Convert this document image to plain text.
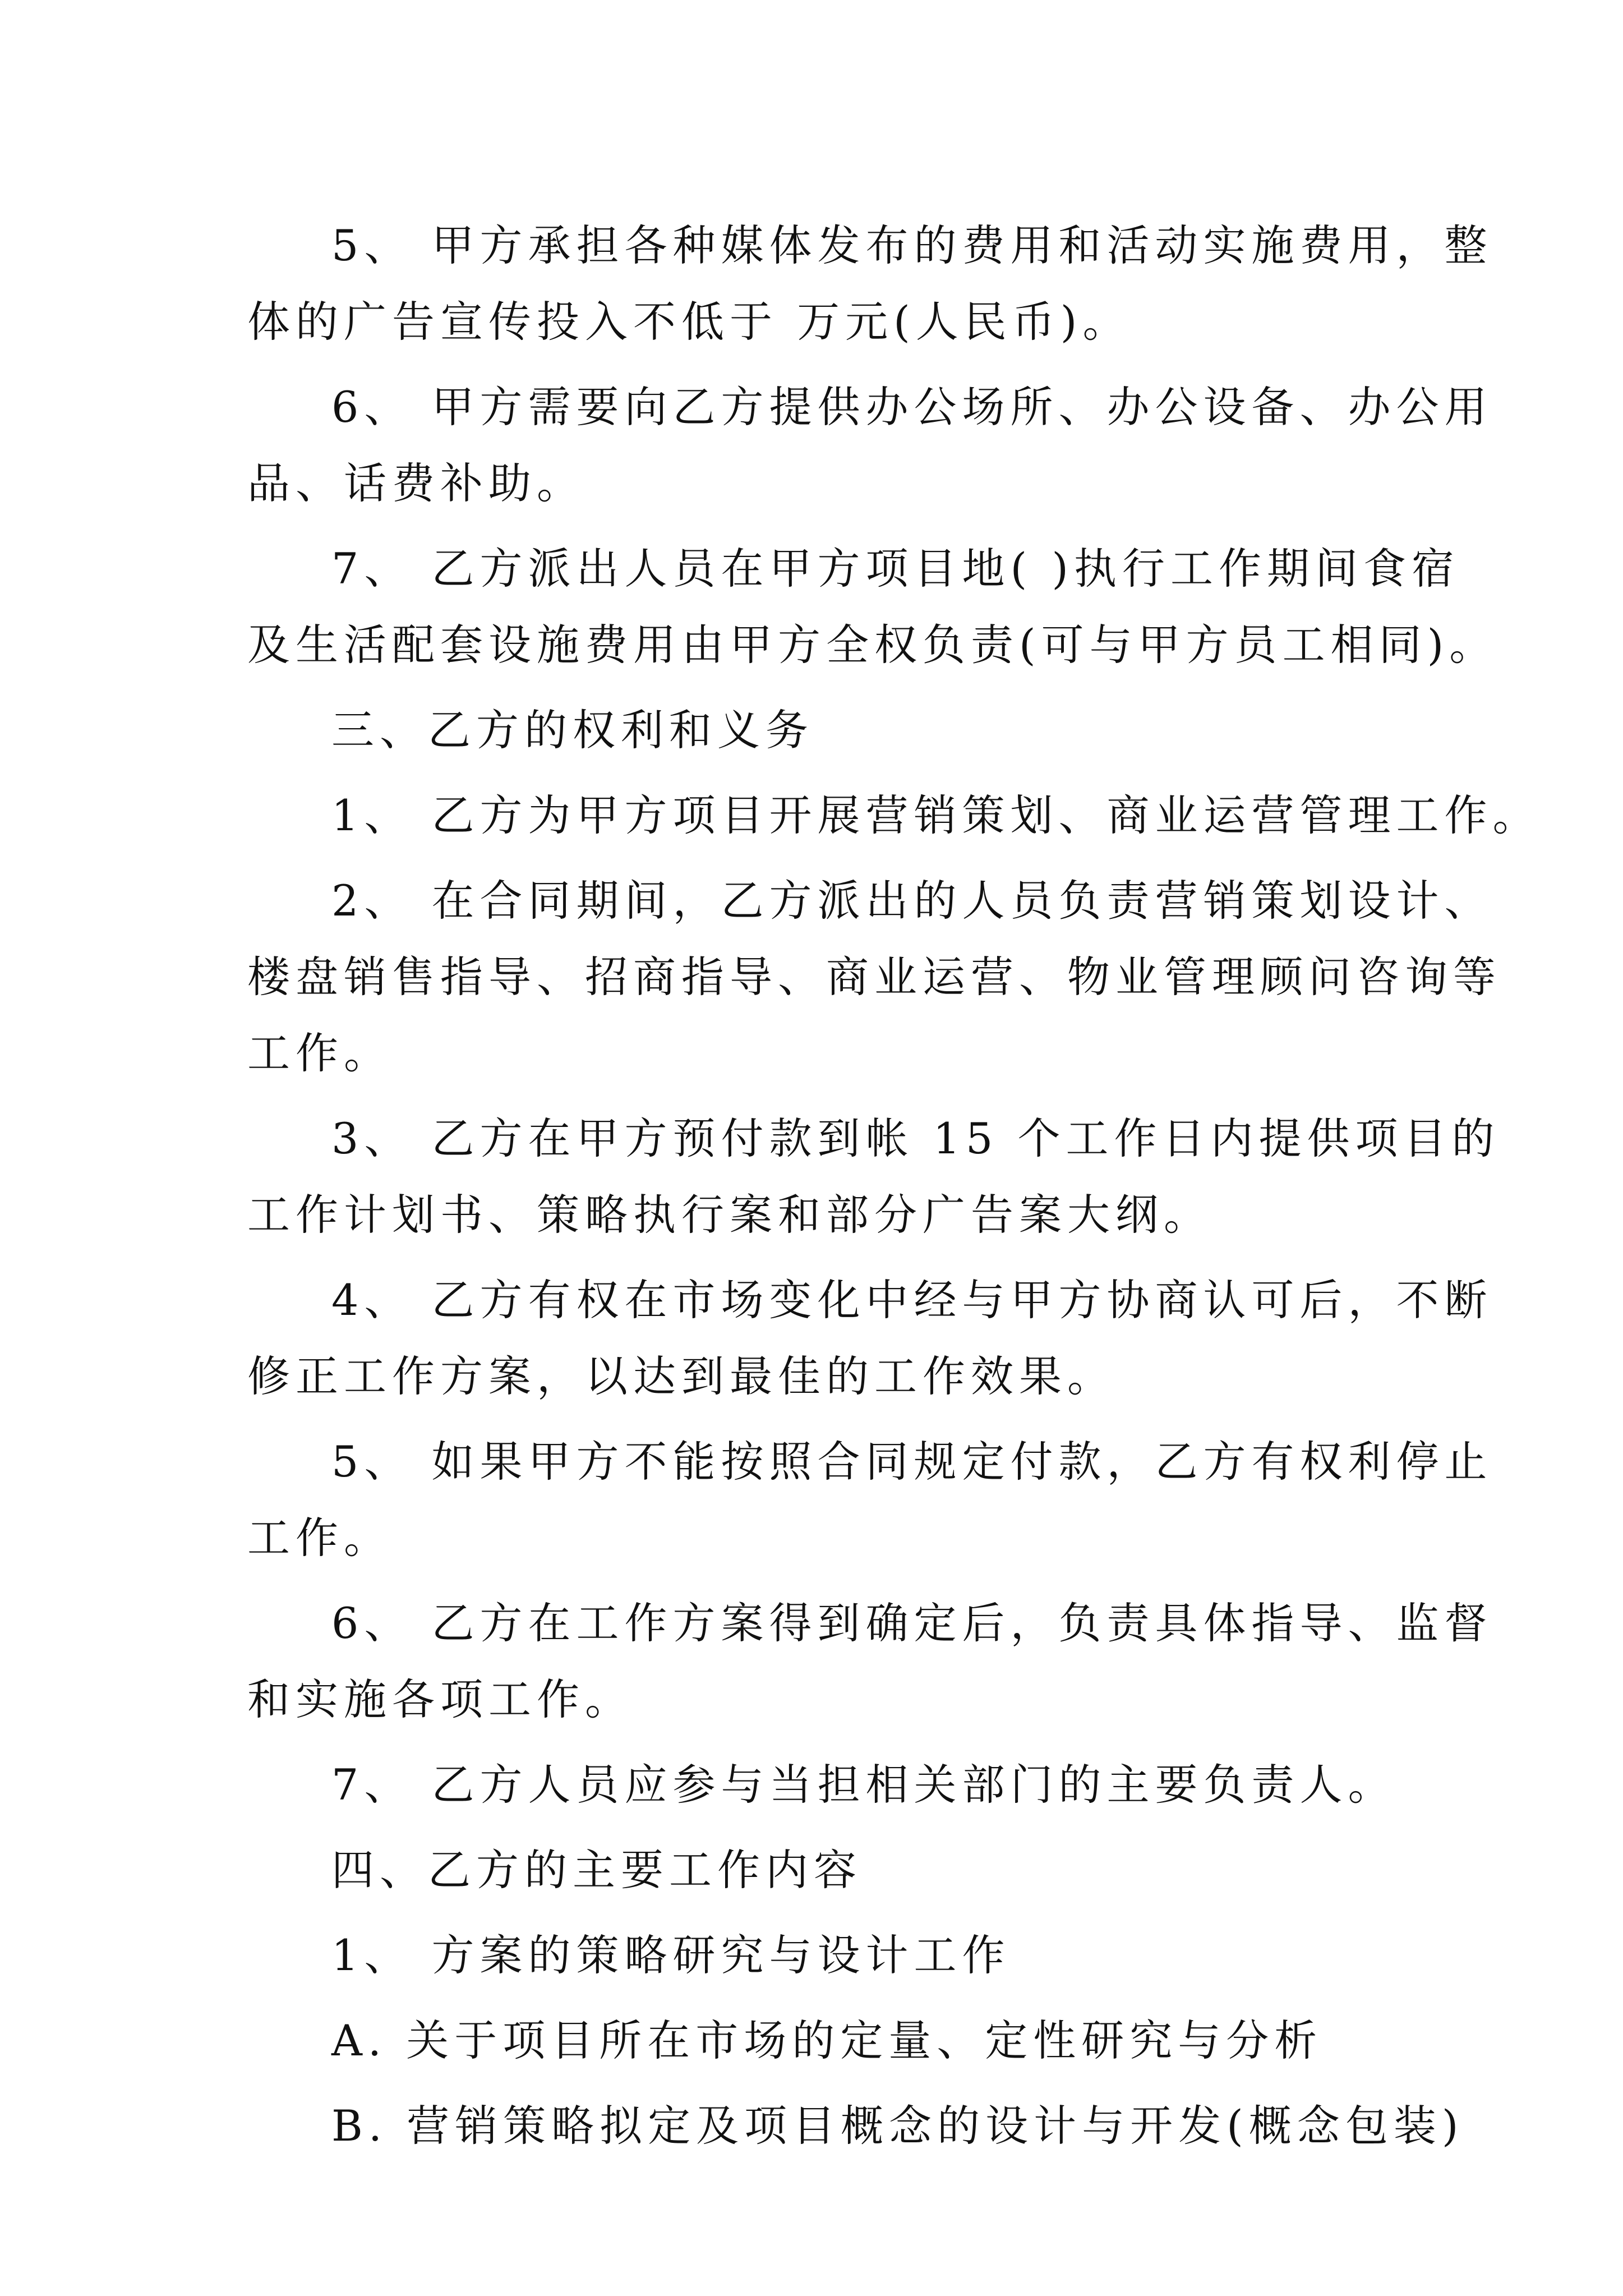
5、 甲方承担各种媒体发布的费用和活动实施费用，整
体的广告宣传投入不低于 万元(人民币)。
6、 甲方需要向乙方提供办公场所、办公设备、办公用
品、话费补助。
7、 乙方派出人员在甲方项目地( )执行工作期间食宿
及生活配套设施费用由甲方全权负责(可与甲方员工相同)。
三、乙方的权利和义务
1、 乙方为甲方项目开展营销策划、商业运营管理工作。
2、 在合同期间，乙方派出的人员负责营销策划设计、
楼盘销售指导、招商指导、商业运营、物业管理顾问咨询等
工作。
3、 乙方在甲方预付款到帐 15 个工作日内提供项目的
工作计划书、策略执行案和部分广告案大纲。
4、 乙方有权在市场变化中经与甲方协商认可后，不断
修正工作方案，以达到最佳的工作效果。
5、 如果甲方不能按照合同规定付款，乙方有权利停止
工作。
6、 乙方在工作方案得到确定后，负责具体指导、监督
和实施各项工作。
7、 乙方人员应参与当担相关部门的主要负责人。
四、乙方的主要工作内容
1、 方案的策略研究与设计工作
A. 关于项目所在市场的定量、定性研究与分析
B. 营销策略拟定及项目概念的设计与开发(概念包装)
